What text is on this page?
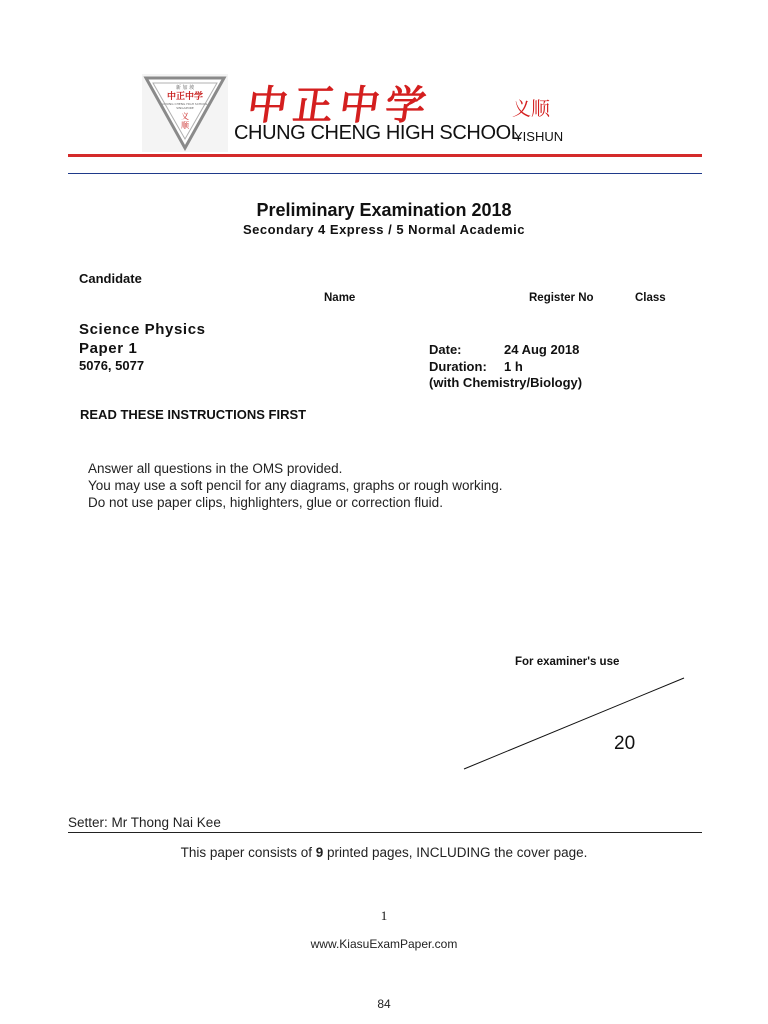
新 加 坡
中正中学
CHUNG CHENG HIGH SCHOOL
SINGAPORE
义
顺 中正中学	义顺
CHUNG CHENG HIGH SCHOOL
YISHUN
Preliminary Examination 2018
Secondary 4 Express / 5 Normal Academic
Candidate
Name	Register No	Class
Science Physics
Paper 1
5076, 5077
Date:	24 Aug 2018
Duration: 1 h
(with Chemistry/Biology)
READ THESE INSTRUCTIONS FIRST
Answer all questions in the OMS provided.
You may use a soft pencil for any diagrams, graphs or rough working.
Do not use paper clips, highlighters, glue or correction fluid.
For examiner's use
20
Setter: Mr Thong Nai Kee
This paper consists of 9 printed pages, INCLUDING the cover page.
1
www.KiasuExamPaper.com
84
